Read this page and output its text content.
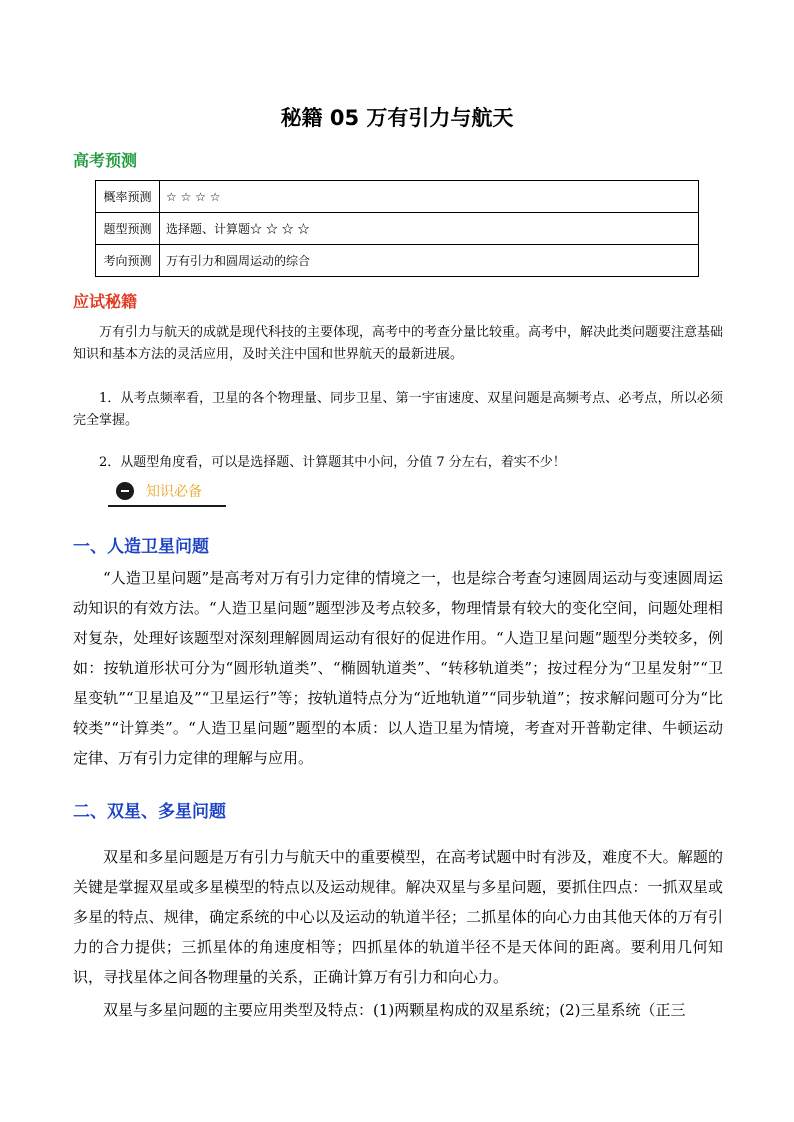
秘籍 05 万有引力与航天
高考预测
概率预测	☆ ☆ ☆ ☆
题型预测	选择题、计算题☆ ☆ ☆ ☆
考向预测	万有引力和圆周运动的综合
应试秘籍
万有引力与航天的成就是现代科技的主要体现，高考中的考查分量比较重。高考中，解决此类问题要注意基础知识和基本方法的灵活应用，及时关注中国和世界航天的最新进展。
1．从考点频率看，卫星的各个物理量、同步卫星、第一宇宙速度、双星问题是高频考点、必考点，所以必须完全掌握。
2．从题型角度看，可以是选择题、计算题其中小问，分值 7 分左右，着实不少！
知识必备
一、人造卫星问题
“人造卫星问题”是高考对万有引力定律的情境之一，也是综合考查匀速圆周运动与变速圆周运动知识的有效方法。“人造卫星问题”题型涉及考点较多，物理情景有较大的变化空间，问题处理相对复杂，处理好该题型对深刻理解圆周运动有很好的促进作用。“人造卫星问题”题型分类较多，例如：按轨道形状可分为“圆形轨道类”、“椭圆轨道类”、“转移轨道类”；按过程分为“卫星发射”“卫星变轨”“卫星追及”“卫星运行”等；按轨道特点分为“近地轨道”“同步轨道”；按求解问题可分为“比较类”“计算类”。“人造卫星问题”题型的本质：以人造卫星为情境，考查对开普勒定律、牛顿运动定律、万有引力定律的理解与应用。
二、双星、多星问题
双星和多星问题是万有引力与航天中的重要模型，在高考试题中时有涉及，难度不大。解题的关键是掌握双星或多星模型的特点以及运动规律。解决双星与多星问题，要抓住四点：一抓双星或多星的特点、规律，确定系统的中心以及运动的轨道半径；二抓星体的向心力由其他天体的万有引力的合力提供；三抓星体的角速度相等；四抓星体的轨道半径不是天体间的距离。要利用几何知识，寻找星体之间各物理量的关系，正确计算万有引力和向心力。
双星与多星问题的主要应用类型及特点：(1)两颗星构成的双星系统；(2)三星系统（正三
